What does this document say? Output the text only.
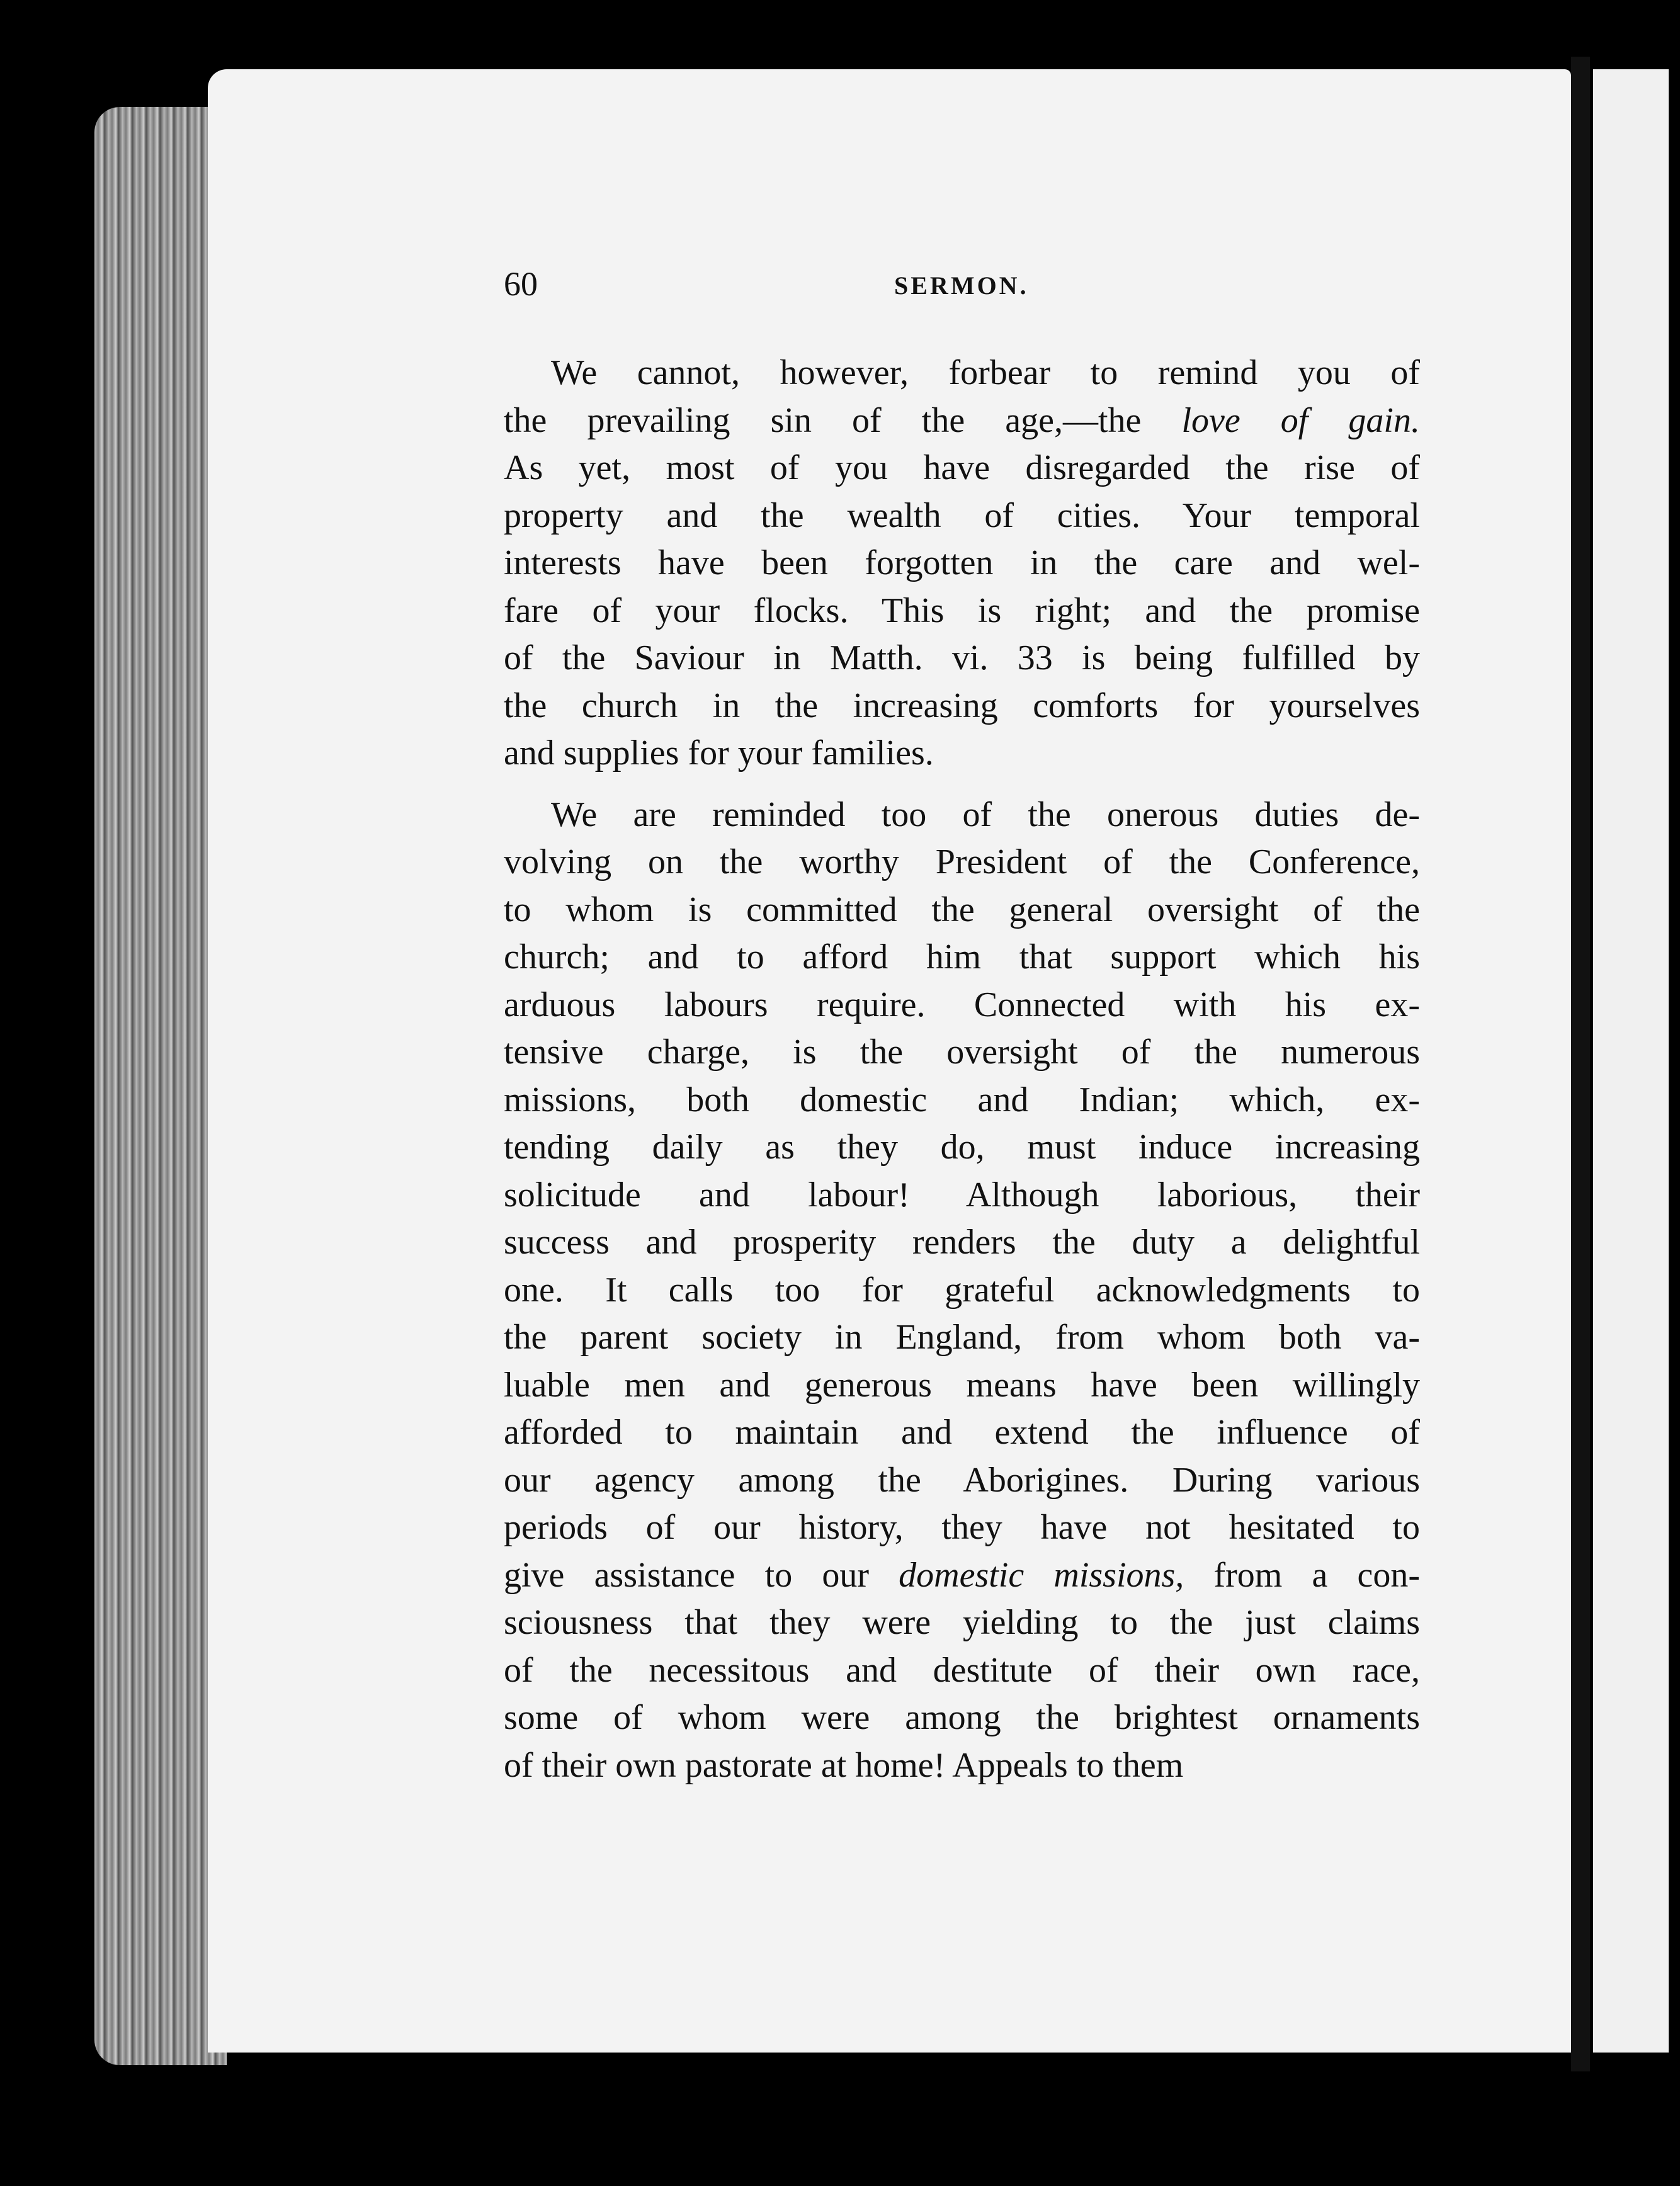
60	SERMON.
We cannot, however, forbear to remind you of
the prevailing sin of the age,—the love of gain.
As yet, most of you have disregarded the rise of
property and the wealth of cities. Your temporal
interests have been forgotten in the care and wel-
fare of your flocks. This is right; and the promise
of the Saviour in Matth. vi. 33 is being fulfilled by
the church in the increasing comforts for yourselves
and supplies for your families.
We are reminded too of the onerous duties de-
volving on the worthy President of the Conference,
to whom is committed the general oversight of the
church; and to afford him that support which his
arduous labours require. Connected with his ex-
tensive charge, is the oversight of the numerous
missions, both domestic and Indian; which, ex-
tending daily as they do, must induce increasing
solicitude and labour! Although laborious, their
success and prosperity renders the duty a delightful
one. It calls too for grateful acknowledgments to
the parent society in England, from whom both va-
luable men and generous means have been willingly
afforded to maintain and extend the influence of
our agency among the Aborigines. During various
periods of our history, they have not hesitated to
give assistance to our domestic missions, from a con-
sciousness that they were yielding to the just claims
of the necessitous and destitute of their own race,
some of whom were among the brightest ornaments
of their own pastorate at home! Appeals to them
